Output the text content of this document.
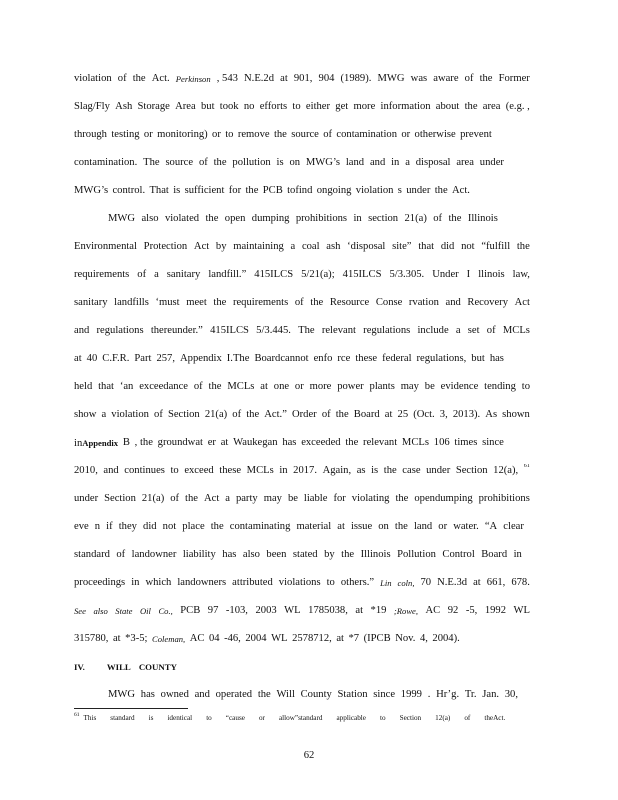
violation of the Act. Perkinson , 543 N.E.2d at 901, 904 (1989). MWG was aware of the Former
Slag/Fly Ash Storage Area but took no efforts to either get more information about the area (e.g. ,
through testing or monitoring) or to remove the source of contamination or otherwise prevent
contamination. The source of the pollution is on MWG’s land and in a disposal area under
MWG’s control. That is sufficient for the PCB tofind ongoing violation s under the Act.
MWG also violated the open dumping prohibitions in section 21(a) of the Illinois
Environmental Protection Act by maintaining a coal ash ‘disposal site” that did not “fulfill the
requirements of a sanitary landfill.” 415ILCS 5/21(a); 415ILCS 5/3.305. Under I llinois law,
sanitary landfills ‘must meet the requirements of the Resource Conse rvation and Recovery Act
and regulations thereunder.” 415ILCS 5/3.445. The relevant regulations include a set of MCLs
at 40 C.F.R. Part 257, Appendix I.The Boardcannot enfo rce these federal regulations, but has
held that ‘an exceedance of the MCLs at one or more power plants may be evidence tending to
show a violation of Section 21(a) of the Act.” Order of the Board at 25 (Oct. 3, 2013). As shown
inAppendix B , the groundwat er at Waukegan has exceeded the relevant MCLs 106 times since
2010, and continues to exceed these MCLs in 2017. Again, as is the case under Section 12(a), 61
under Section 21(a) of the Act a party may be liable for violating the opendumping prohibitions
eve n if they did not place the contaminating material at issue on the land or water. “A clear
standard of landowner liability has also been stated by the Illinois Pollution Control Board in
proceedings in which landowners attributed violations to others.” Lin coln, 70 N.E.3d at 661, 678.
See also State Oil Co., PCB 97 -103, 2003 WL 1785038, at *19 ;Rowe, AC 92 -5, 1992 WL
315780, at *3-5; Coleman, AC 04 -46, 2004 WL 2578712, at *7 (IPCB Nov. 4, 2004).
IV.	WILL COUNTY
MWG has owned and operated the Will County Station since 1999 . Hr’g. Tr. Jan. 30,
61 This standard is identical to “cause or allow”standard applicable to Section 12(a) of theAct.
62
